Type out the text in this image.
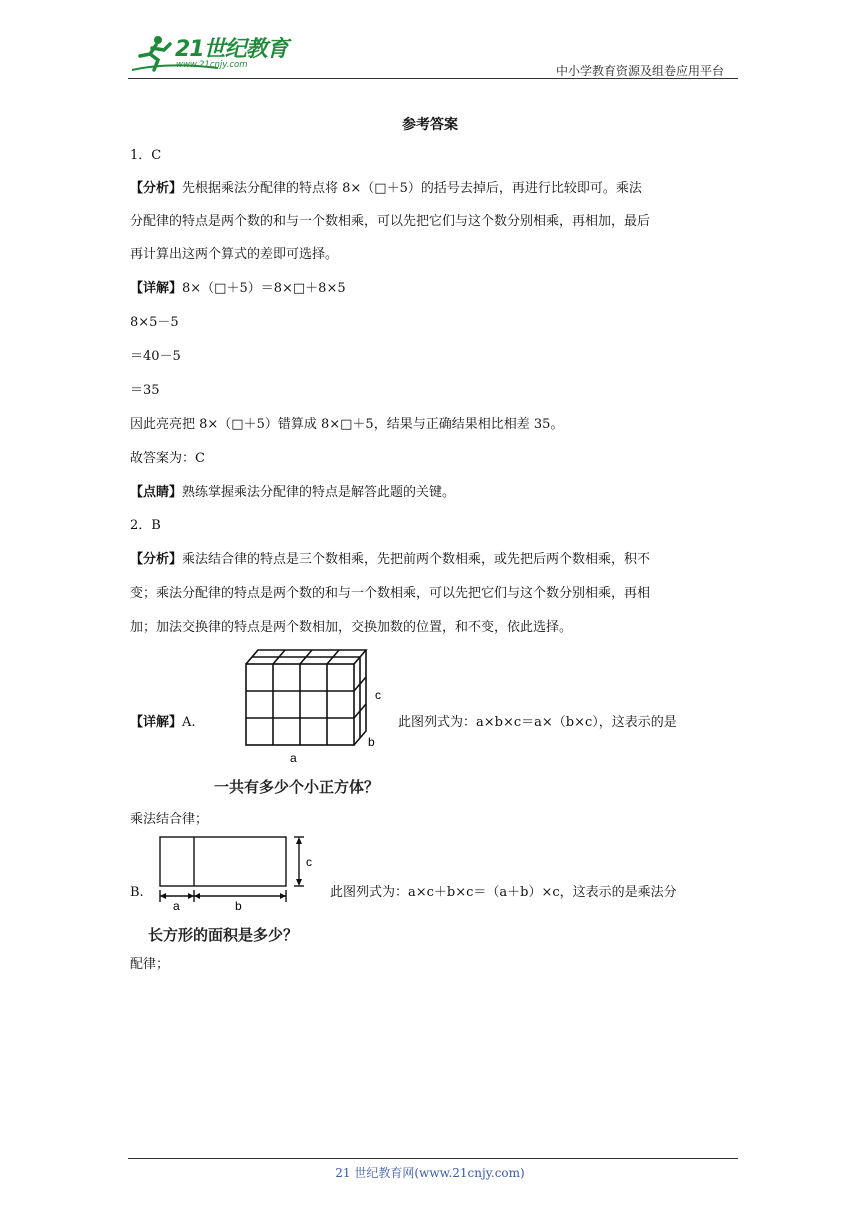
21世纪教育
www.21cnjy.com	中小学教育资源及组卷应用平台
参考答案
1．C
【分析】先根据乘法分配律的特点将 8×（□＋5）的括号去掉后，再进行比较即可。乘法
分配律的特点是两个数的和与一个数相乘，可以先把它们与这个数分别相乘，再相加，最后
再计算出这两个算式的差即可选择。
【详解】8×（□＋5）＝8×□＋8×5
8×5－5
＝40－5
＝35
因此亮亮把 8×（□＋5）错算成 8×□＋5，结果与正确结果相比相差 35。
故答案为：C
【点睛】熟练掌握乘法分配律的特点是解答此题的关键。
2．B
【分析】乘法结合律的特点是三个数相乘，先把前两个数相乘，或先把后两个数相乘，积不
变；乘法分配律的特点是两个数的和与一个数相乘，可以先把它们与这个数分别相乘，再相
加；加法交换律的特点是两个数相加，交换加数的位置，和不变，依此选择。
【详解】A.
a
b
c
此图列式为：a×b×c＝a×（b×c），这表示的是
一共有多少个小正方体？
乘法结合律；
B.
c
a	b
此图列式为：a×c＋b×c＝（a＋b）×c，这表示的是乘法分
长方形的面积是多少？
配律；
21 世纪教育网(www.21cnjy.com)
